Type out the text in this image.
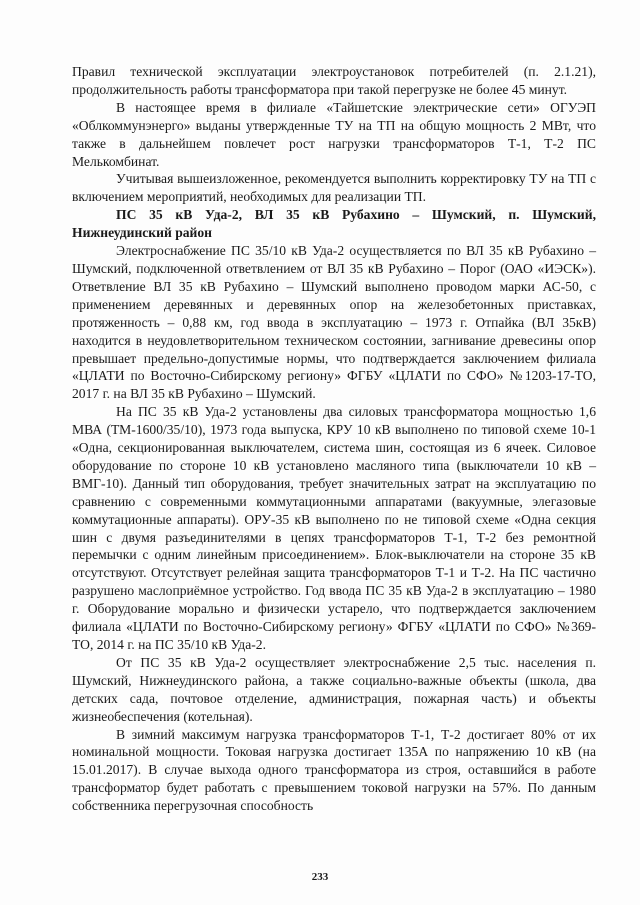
Правил технической эксплуатации электроустановок потребителей (п. 2.1.21), продолжительность работы трансформатора при такой перегрузке не более 45 минут.

В настоящее время в филиале «Тайшетские электрические сети» ОГУЭП «Облкоммунэнерго» выданы утвержденные ТУ на ТП на общую мощность 2 МВт, что также в дальнейшем повлечет рост нагрузки трансформаторов Т-1, Т-2 ПС Мелькомбинат.

Учитывая вышеизложенное, рекомендуется выполнить корректировку ТУ на ТП с включением мероприятий, необходимых для реализации ТП.

ПС 35 кВ Уда-2, ВЛ 35 кВ Рубахино – Шумский, п. Шумский, Нижнеудинский район

Электроснабжение ПС 35/10 кВ Уда-2 осуществляется по ВЛ 35 кВ Рубахино – Шумский, подключенной ответвлением от ВЛ 35 кВ Рубахино – Порог (ОАО «ИЭСК»). Ответвление ВЛ 35 кВ Рубахино – Шумский выполнено проводом марки АС-50, с применением деревянных и деревянных опор на железобетонных приставках, протяженность – 0,88 км, год ввода в эксплуатацию – 1973 г. Отпайка (ВЛ 35кВ) находится в неудовлетворительном техническом состоянии, загнивание древесины опор превышает предельно-допустимые нормы, что подтверждается заключением филиала «ЦЛАТИ по Восточно-Сибирскому региону» ФГБУ «ЦЛАТИ по СФО» №1203-17-ТО, 2017 г. на ВЛ 35 кВ Рубахино – Шумский.

На ПС 35 кВ Уда-2 установлены два силовых трансформатора мощностью 1,6 МВА (ТМ-1600/35/10), 1973 года выпуска, КРУ 10 кВ выполнено по типовой схеме 10-1 «Одна, секционированная выключателем, система шин, состоящая из 6 ячеек. Силовое оборудование по стороне 10 кВ установлено масляного типа (выключатели 10 кВ – ВМГ-10). Данный тип оборудования, требует значительных затрат на эксплуатацию по сравнению с современными коммутационными аппаратами (вакуумные, элегазовые коммутационные аппараты). ОРУ-35 кВ выполнено по не типовой схеме «Одна секция шин с двумя разъединителями в цепях трансформаторов Т-1, Т-2 без ремонтной перемычки с одним линейным присоединением». Блок-выключатели на стороне 35 кВ отсутствуют. Отсутствует релейная защита трансформаторов Т-1 и Т-2. На ПС частично разрушено маслоприёмное устройство. Год ввода ПС 35 кВ Уда-2 в эксплуатацию – 1980 г. Оборудование морально и физически устарело, что подтверждается заключением филиала «ЦЛАТИ по Восточно-Сибирскому региону» ФГБУ «ЦЛАТИ по СФО» №369-ТО, 2014 г. на ПС 35/10 кВ Уда-2.

От ПС 35 кВ Уда-2 осуществляет электроснабжение 2,5 тыс. населения п. Шумский, Нижнеудинского района, а также социально-важные объекты (школа, два детских сада, почтовое отделение, администрация, пожарная часть) и объекты жизнеобеспечения (котельная).

В зимний максимум нагрузка трансформаторов Т-1, Т-2 достигает 80% от их номинальной мощности. Токовая нагрузка достигает 135А по напряжению 10 кВ (на 15.01.2017). В случае выхода одного трансформатора из строя, оставшийся в работе трансформатор будет работать с превышением токовой нагрузки на 57%. По данным собственника перегрузочная способность

233
